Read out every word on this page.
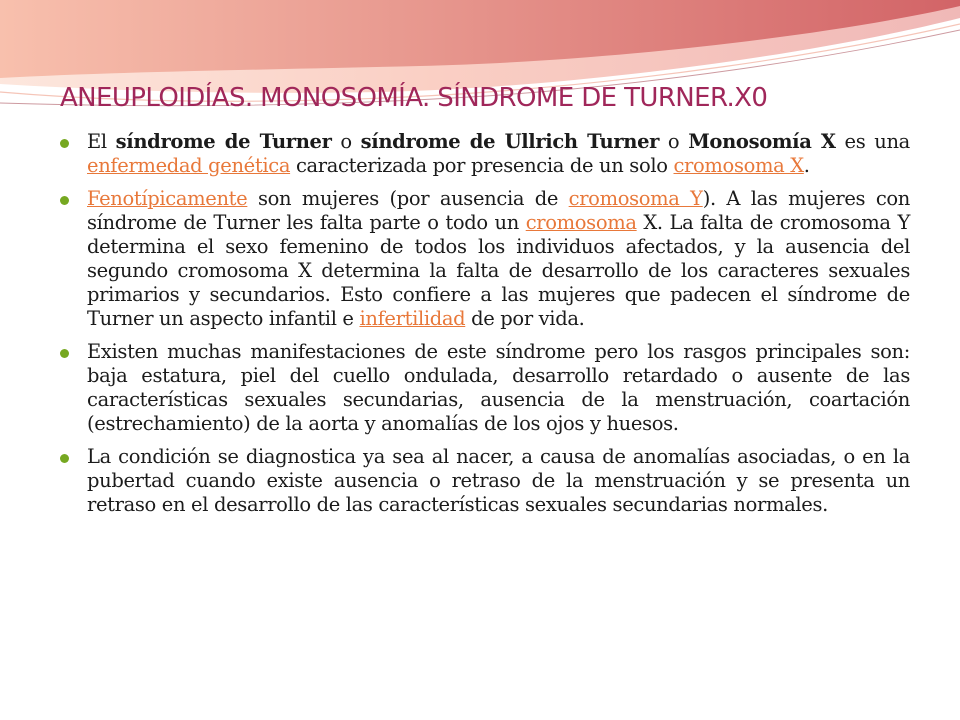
ANEUPLOIDÍAS. MONOSOMÍA. SÍNDROME DE TURNER.X0
El síndrome de Turner o síndrome de Ullrich Turner o Monosomía X es una enfermedad genética caracterizada por presencia de un solo cromosoma X.
Fenotípicamente son mujeres (por ausencia de cromosoma Y). A las mujeres con síndrome de Turner les falta parte o todo un cromosoma X. La falta de cromosoma Y determina el sexo femenino de todos los individuos afectados, y la ausencia del segundo cromosoma X determina la falta de desarrollo de los caracteres sexuales primarios y secundarios. Esto confiere a las mujeres que padecen el síndrome de Turner un aspecto infantil e infertilidad de por vida.
Existen muchas manifestaciones de este síndrome pero los rasgos principales son: baja estatura, piel del cuello ondulada, desarrollo retardado o ausente de las características sexuales secundarias, ausencia de la menstruación, coartación (estrechamiento) de la aorta y anomalías de los ojos y huesos.
La condición se diagnostica ya sea al nacer, a causa de anomalías asociadas, o en la pubertad cuando existe ausencia o retraso de la menstruación y se presenta un retraso en el desarrollo de las características sexuales secundarias normales.
